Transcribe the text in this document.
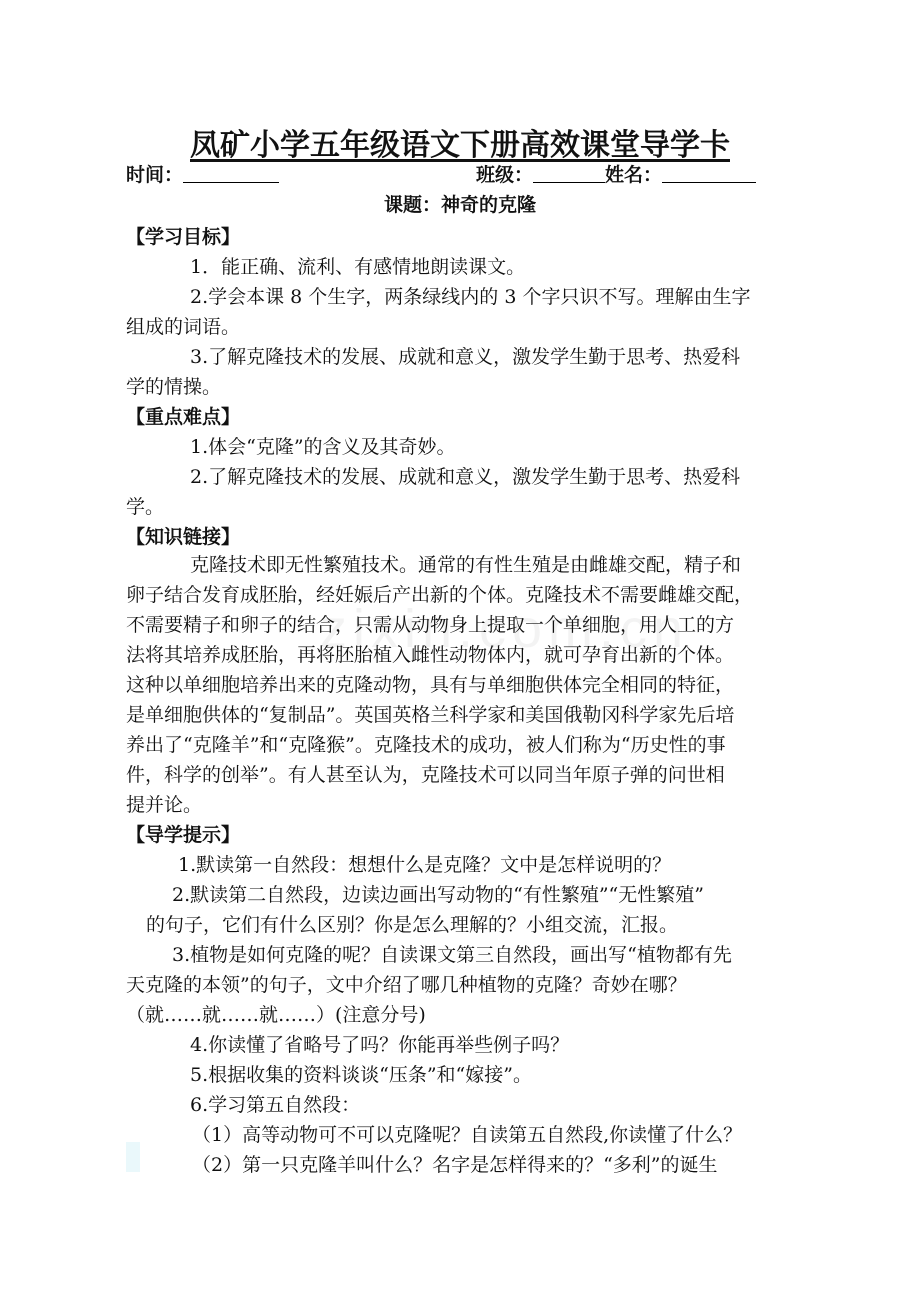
凤矿小学五年级语文下册高效课堂导学卡
时间：	班级：	姓名：
课题：神奇的克隆
【学习目标】
1．能正确、流利、有感情地朗读课文。
2.学会本课 8 个生字，两条绿线内的 3 个字只识不写。理解由生字
组成的词语。
3.了解克隆技术的发展、成就和意义，激发学生勤于思考、热爱科
学的情操。
【重点难点】
1.体会“克隆”的含义及其奇妙。
2.了解克隆技术的发展、成就和意义，激发学生勤于思考、热爱科
学。
【知识链接】
克隆技术即无性繁殖技术。通常的有性生殖是由雌雄交配，精子和
卵子结合发育成胚胎，经妊娠后产出新的个体。克隆技术不需要雌雄交配，
不需要精子和卵子的结合，只需从动物身上提取一个单细胞，用人工的方
法将其培养成胚胎，再将胚胎植入雌性动物体内，就可孕育出新的个体。
这种以单细胞培养出来的克隆动物，具有与单细胞供体完全相同的特征，
是单细胞供体的“复制品”。英国英格兰科学家和美国俄勒冈科学家先后培
养出了“克隆羊”和“克隆猴”。克隆技术的成功，被人们称为“历史性的事
件，科学的创举”。有人甚至认为，克隆技术可以同当年原子弹的问世相
提并论。
【导学提示】
1.默读第一自然段：想想什么是克隆？文中是怎样说明的？
2.默读第二自然段，边读边画出写动物的“有性繁殖”“无性繁殖”
的句子，它们有什么区别？你是怎么理解的？小组交流，汇报。
3.植物是如何克隆的呢？自读课文第三自然段，画出写“植物都有先
天克隆的本领”的句子，文中介绍了哪几种植物的克隆？奇妙在哪？
（就……就……就……）(注意分号)
4.你读懂了省略号了吗？你能再举些例子吗？
5.根据收集的资料谈谈“压条”和“嫁接”。
6.学习第五自然段：
（1）高等动物可不可以克隆呢？自读第五自然段,你读懂了什么？
（2）第一只克隆羊叫什么？名字是怎样得来的？“多利”的诞生
